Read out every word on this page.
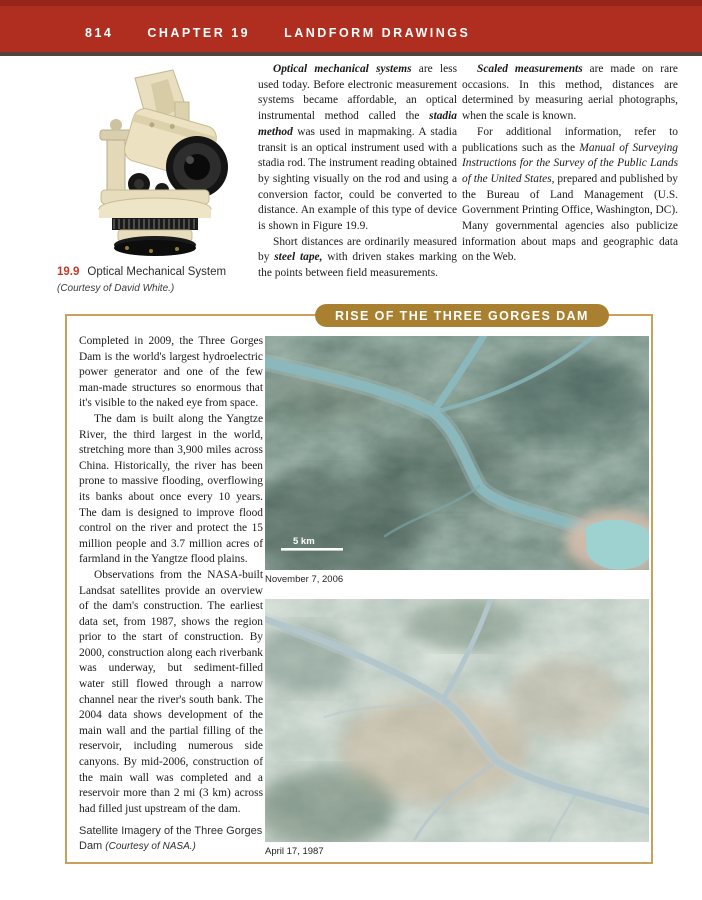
814	CHAPTER 19	LANDFORM DRAWINGS
19.9 Optical Mechanical System
(Courtesy of David White.)

Optical mechanical systems are less used today. Before electronic measurement systems became affordable, an optical instrumental method called the stadia method was used in mapmaking. A stadia transit is an optical instrument used with a stadia rod. The instrument reading obtained by sighting visually on the rod and using a conversion factor, could be converted to distance. An example of this type of device is shown in Figure 19.9.

Short distances are ordinarily measured by steel tape, with driven stakes marking the points between field measurements.

Scaled measurements are made on rare occasions. In this method, distances are determined by measuring aerial photographs, when the scale is known.

For additional information, refer to publications such as the Manual of Surveying Instructions for the Survey of the Public Lands of the United States, prepared and published by the Bureau of Land Management (U.S. Government Printing Office, Washington, DC). Many governmental agencies also publicize information about maps and geographic data on the Web.

RISE OF THE THREE GORGES DAM

Completed in 2009, the Three Gorges Dam is the world's largest hydroelectric power generator and one of the few man-made structures so enormous that it's visible to the naked eye from space.

The dam is built along the Yangtze River, the third largest in the world, stretching more than 3,900 miles across China. Historically, the river has been prone to massive flooding, overflowing its banks about once every 10 years. The dam is designed to improve flood control on the river and protect the 15 million people and 3.7 million acres of farmland in the Yangtze flood plains.

Observations from the NASA-built Landsat satellites provide an overview of the dam's construction. The earliest data set, from 1987, shows the region prior to the start of construction. By 2000, construction along each riverbank was underway, but sediment-filled water still flowed through a narrow channel near the river's south bank. The 2004 data shows development of the main wall and the partial filling of the reservoir, including numerous side canyons. By mid-2006, construction of the main wall was completed and a reservoir more than 2 mi (3 km) across had filled just upstream of the dam.

5 km
November 7, 2006
April 17, 1987
Satellite Imagery of the Three Gorges Dam (Courtesy of NASA.)
